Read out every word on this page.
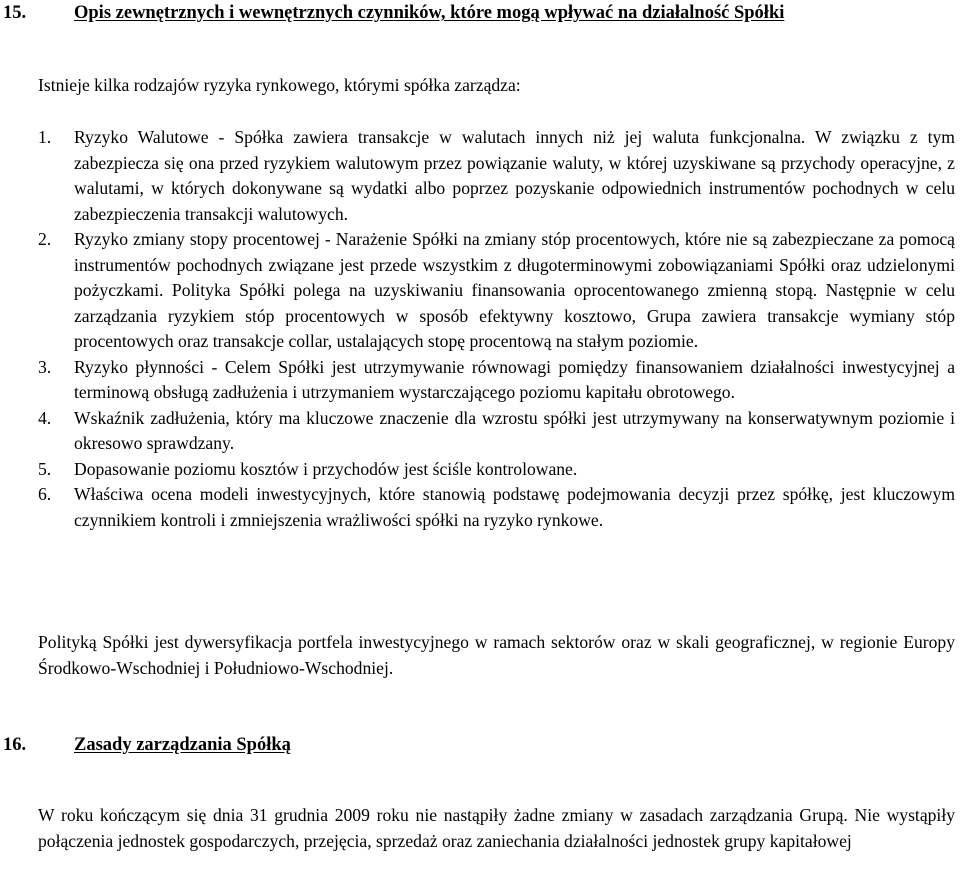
15.	Opis zewnętrznych i wewnętrznych czynników, które mogą wpływać na działalność Spółki
Istnieje kilka rodzajów ryzyka rynkowego, którymi spółka zarządza:
1. Ryzyko Walutowe - Spółka zawiera transakcje w walutach innych niż jej waluta funkcjonalna. W związku z tym zabezpiecza się ona przed ryzykiem walutowym przez powiązanie waluty, w której uzyskiwane są przychody operacyjne, z walutami, w których dokonywane są wydatki albo poprzez pozyskanie odpowiednich instrumentów pochodnych w celu zabezpieczenia transakcji walutowych.
2. Ryzyko zmiany stopy procentowej - Narażenie Spółki na zmiany stóp procentowych, które nie są zabezpieczane za pomocą instrumentów pochodnych związane jest przede wszystkim z długoterminowymi zobowiązaniami Spółki oraz udzielonymi pożyczkami. Polityka Spółki polega na uzyskiwaniu finansowania oprocentowanego zmienną stopą. Następnie w celu zarządzania ryzykiem stóp procentowych w sposób efektywny kosztowo, Grupa zawiera transakcje wymiany stóp procentowych oraz transakcje collar, ustalających stopę procentową na stałym poziomie.
3. Ryzyko płynności - Celem Spółki jest utrzymywanie równowagi pomiędzy finansowaniem działalności inwestycyjnej a terminową obsługą zadłużenia i utrzymaniem wystarczającego poziomu kapitału obrotowego.
4. Wskaźnik zadłużenia, który ma kluczowe znaczenie dla wzrostu spółki jest utrzymywany na konserwatywnym poziomie i okresowo sprawdzany.
5. Dopasowanie poziomu kosztów i przychodów jest ściśle kontrolowane.
6. Właściwa ocena modeli inwestycyjnych, które stanowią podstawę podejmowania decyzji przez spółkę, jest kluczowym czynnikiem kontroli i zmniejszenia wrażliwości spółki na ryzyko rynkowe.
Polityką Spółki jest dywersyfikacja portfela inwestycyjnego w ramach sektorów oraz w skali geograficznej, w regionie Europy Środkowo-Wschodniej i Południowo-Wschodniej.
16.	Zasady zarządzania Spółką
W roku kończącym się dnia 31 grudnia 2009 roku nie nastąpiły żadne zmiany w zasadach zarządzania Grupą. Nie wystąpiły połączenia jednostek gospodarczych, przejęcia, sprzedaż oraz zaniechania działalności jednostek grupy kapitałowej
